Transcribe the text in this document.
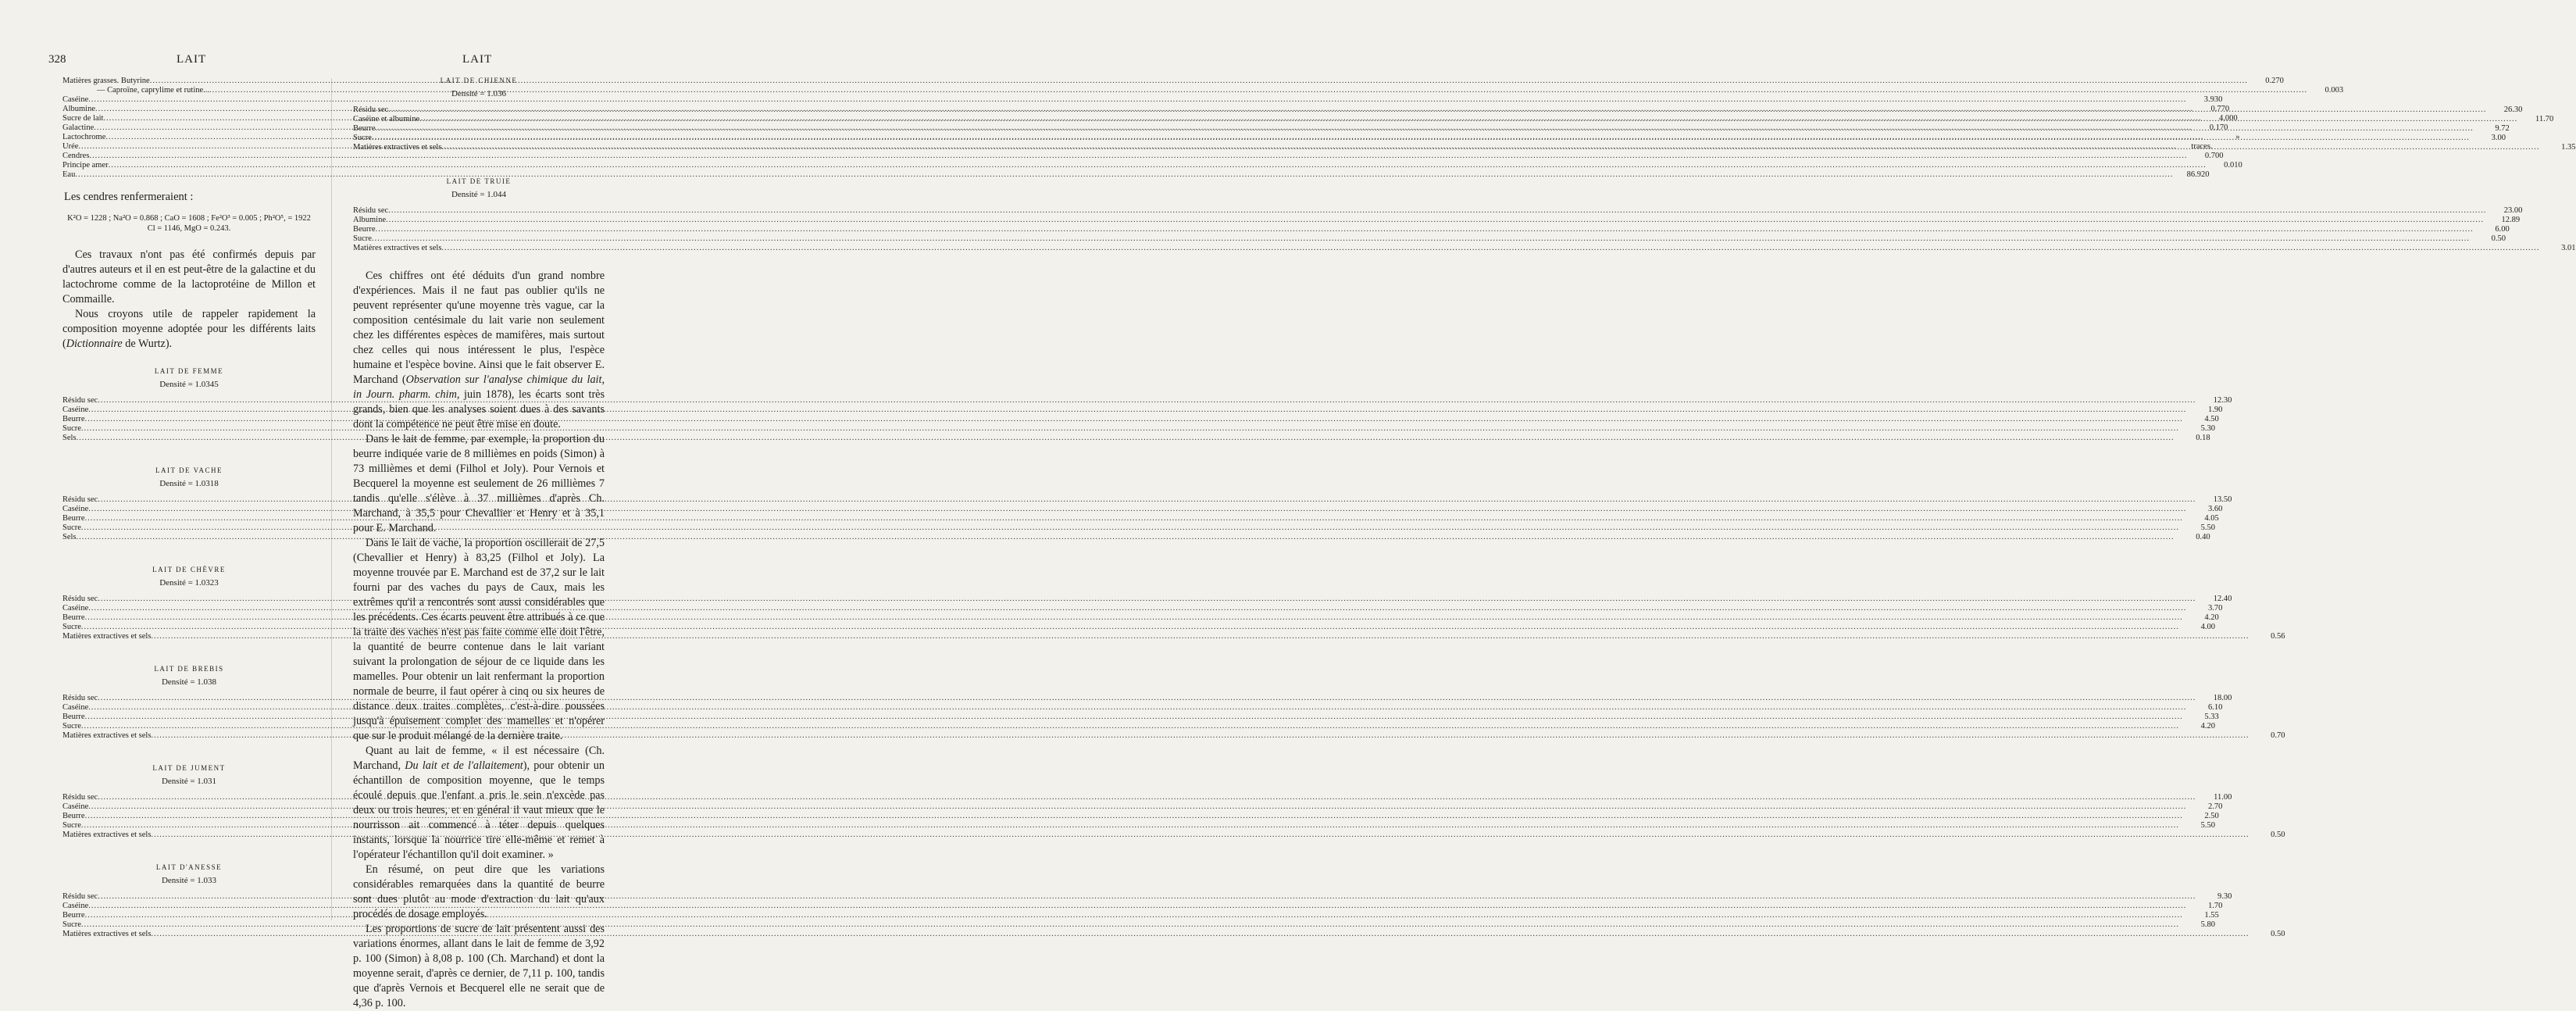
328	LAIT	LAIT
Matières grasses. Butyrine .....	0.270
— Caproïne, caprylime et rutine... .....	0.003
Caséine .....	3.930
Albumine .....	0.770
Sucre de lait .....	4.000
Galactine .....	0.170
Lactochrome .....	»
Urée .....	traces.
Cendres .....	0.700
Principe amer .....	0.010
Eau .....	86.920
Les cendres renfermeraient :
K²O = 1228 ; Na²O = 0.868 ; CaO = 1608 ; Fe²O³ = 0.005 ; Ph²O⁵, = 1922
Cl = 1146, MgO = 0.243.

Ces travaux n'ont pas été confirmés depuis par d'autres auteurs et il en est peut-être de la galactine et du lactochrome comme de la lactoprotéine de Millon et Commaille.

Nous croyons utile de rappeler rapidement la composition moyenne adoptée pour les différents laits (Dictionnaire de Wurtz).

LAIT DE FEMME
Densité = 1.0345
Résidu sec .....	12.30
Caséine .....	1.90
Beurre .....	4.50
Sucre .....	5.30
Sels .....	0.18
LAIT DE VACHE
Densité = 1.0318
Résidu sec .....	13.50
Caséine .....	3.60
Beurre .....	4.05
Sucre .....	5.50
Sels .....	0.40
LAIT DE CHÈVRE
Densité = 1.0323
Résidu sec .....	12.40
Caséine .....	3.70
Beurre .....	4.20
Sucre .....	4.00
Matières extractives et sels .....	0.56
LAIT DE BREBIS
Densité = 1.038
Résidu sec .....	18.00
Caséine .....	6.10
Beurre .....	5.33
Sucre .....	4.20
Matières extractives et sels .....	0.70
LAIT DE JUMENT
Densité = 1.031
Résidu sec .....	11.00
Caséine .....	2.70
Beurre .....	2.50
Sucre .....	5.50
Matières extractives et sels .....	0.50
LAIT D'ANESSE
Densité = 1.033
Résidu sec .....	9.30
Caséine .....	1.70
Beurre .....	1.55
Sucre .....	5.80
Matières extractives et sels .....	0.50
LAIT DE CHIENNE
Densité = 1.036
Résidu sec .....	26.30
Caséine et albumine .....	11.70
Beurre .....	9.72
Sucre .....	3.00
Matières extractives et sels .....	1.35
LAIT DE TRUIE
Densité = 1.044
Résidu sec .....	23.00
Albumine .....	12.89
Beurre .....	6.00
Sucre .....	0.50
Matières extractives et sels .....	3.01

Ces chiffres ont été déduits d'un grand nombre d'expériences. Mais il ne faut pas oublier qu'ils ne peuvent représenter qu'une moyenne très vague, car la composition centésimale du lait varie non seulement chez les différentes espèces de mamifères, mais surtout chez celles qui nous intéressent le plus, l'espèce humaine et l'espèce bovine. Ainsi que le fait observer E. Marchand (Observation sur l'analyse chimique du lait, in Journ. pharm. chim, juin 1878), les écarts sont très grands, bien que les analyses soient dues à des savants dont la compétence ne peut être mise en doute.

Dans le lait de femme, par exemple, la proportion du beurre indiquée varie de 8 millièmes en poids (Simon) à 73 millièmes et demi (Filhol et Joly). Pour Vernois et Becquerel la moyenne est seulement de 26 millièmes 7 tandis qu'elle s'élève à 37 millièmes d'après Ch. Marchand, à 35,5 pour Chevallier et Henry et à 35,1 pour E. Marchand.

Dans le lait de vache, la proportion oscillerait de 27,5 (Chevallier et Henry) à 83,25 (Filhol et Joly). La moyenne trouvée par E. Marchand est de 37,2 sur le lait fourni par des vaches du pays de Caux, mais les extrêmes qu'il a rencontrés sont aussi considérables que les précédents. Ces écarts peuvent être attribués à ce que la traite des vaches n'est pas faite comme elle doit l'être, la quantité de beurre contenue dans le lait variant suivant la prolongation de séjour de ce liquide dans les mamelles. Pour obtenir un lait renfermant la proportion normale de beurre, il faut opérer à cinq ou six heures de distance deux traites complètes, c'est-à-dire poussées jusqu'à épuisement complet des mamelles et n'opérer que sur le produit mélangé de la dernière traite.

Quant au lait de femme, « il est nécessaire (Ch. Marchand, Du lait et de l'allaitement), pour obtenir un échantillon de composition moyenne, que le temps écoulé depuis que l'enfant a pris le sein n'excède pas deux ou trois heures, et en général il vaut mieux que le nourrisson ait commencé à téter depuis quelques instants, lorsque la nourrice tire elle-même et remet à l'opérateur l'échantillon qu'il doit examiner. »

En résumé, on peut dire que les variations considérables remarquées dans la quantité de beurre sont dues plutôt au mode d'extraction du lait qu'aux procédés de dosage employés.

Les proportions de sucre de lait présentent aussi des variations énormes, allant dans le lait de femme de 3,92 p. 100 (Simon) à 8,08 p. 100 (Ch. Marchand) et dont la moyenne serait, d'après ce dernier, de 7,11 p. 100, tandis que d'après Vernois et Becquerel elle ne serait que de 4,36 p. 100.
